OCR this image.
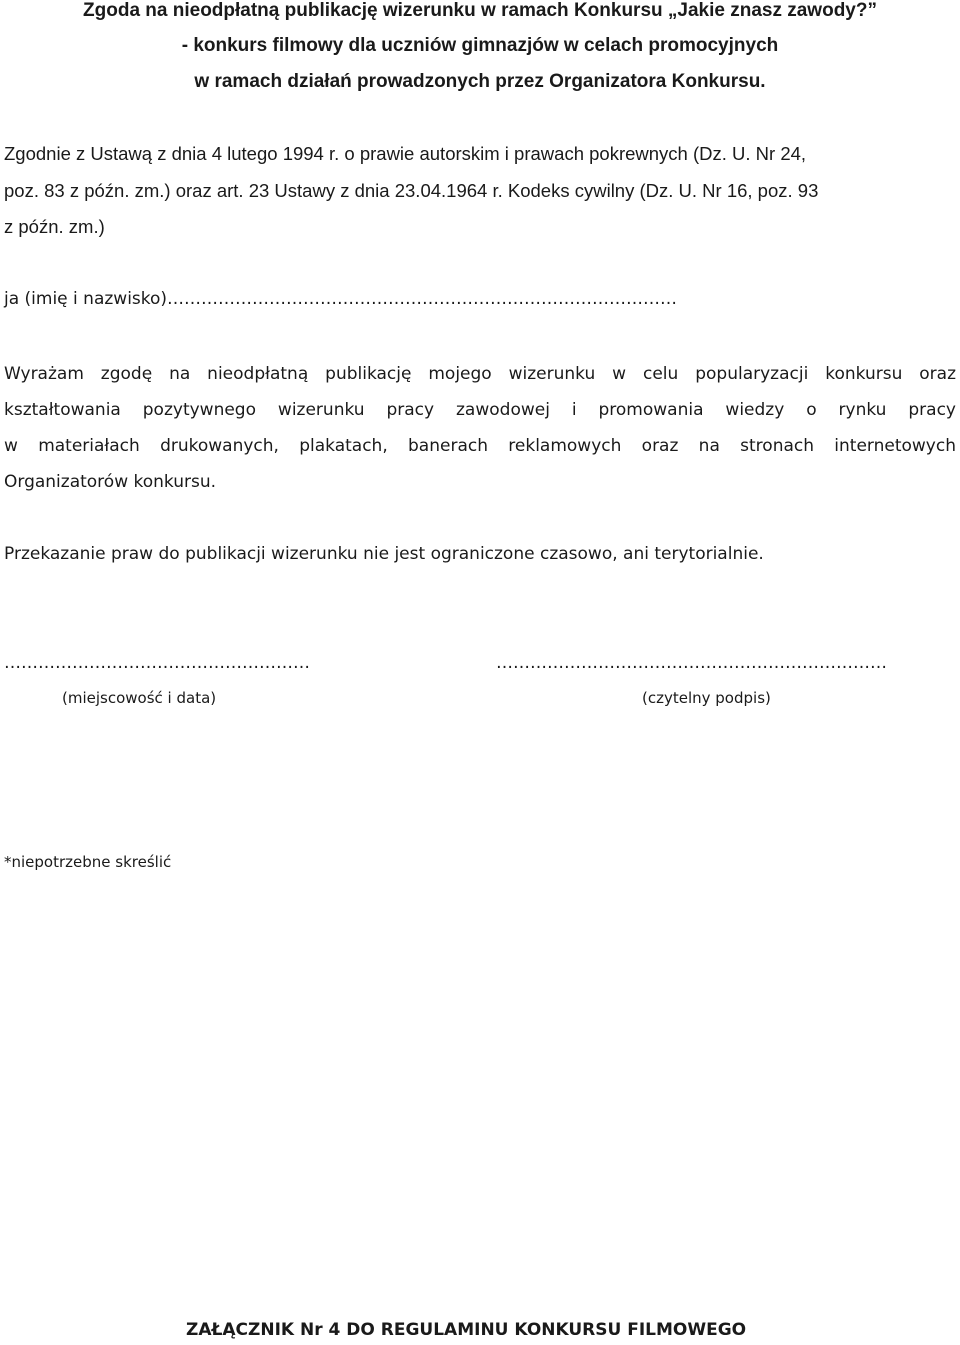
Zgoda na nieodpłatną publikację wizerunku w ramach Konkursu „Jakie znasz zawody?”

- konkurs filmowy dla uczniów gimnazjów w celach promocyjnych

w ramach działań prowadzonych przez Organizatora Konkursu.

Zgodnie z Ustawą z dnia 4 lutego 1994 r. o prawie autorskim i prawach pokrewnych (Dz. U. Nr 24,

poz. 83 z późn. zm.) oraz art. 23 Ustawy z dnia 23.04.1964 r. Kodeks cywilny (Dz. U. Nr 16, poz. 93

z późn. zm.)

ja (imię i nazwisko)………………………………………………………………………………

Wyrażam zgodę na nieodpłatną publikację mojego wizerunku w celu popularyzacji konkursu oraz
kształtowania pozytywnego wizerunku pracy zawodowej i promowania wiedzy o rynku pracy
w materiałach drukowanych, plakatach, banerach reklamowych oraz na stronach internetowych
Organizatorów konkursu.

Przekazanie praw do publikacji wizerunku nie jest ograniczone czasowo, ani terytorialnie.

………………………………………………

(miejscowość i data)

……………………………………………………………

(czytelny podpis)

*niepotrzebne skreślić

ZAŁĄCZNIK Nr 4 DO REGULAMINU KONKURSU FILMOWEGO
